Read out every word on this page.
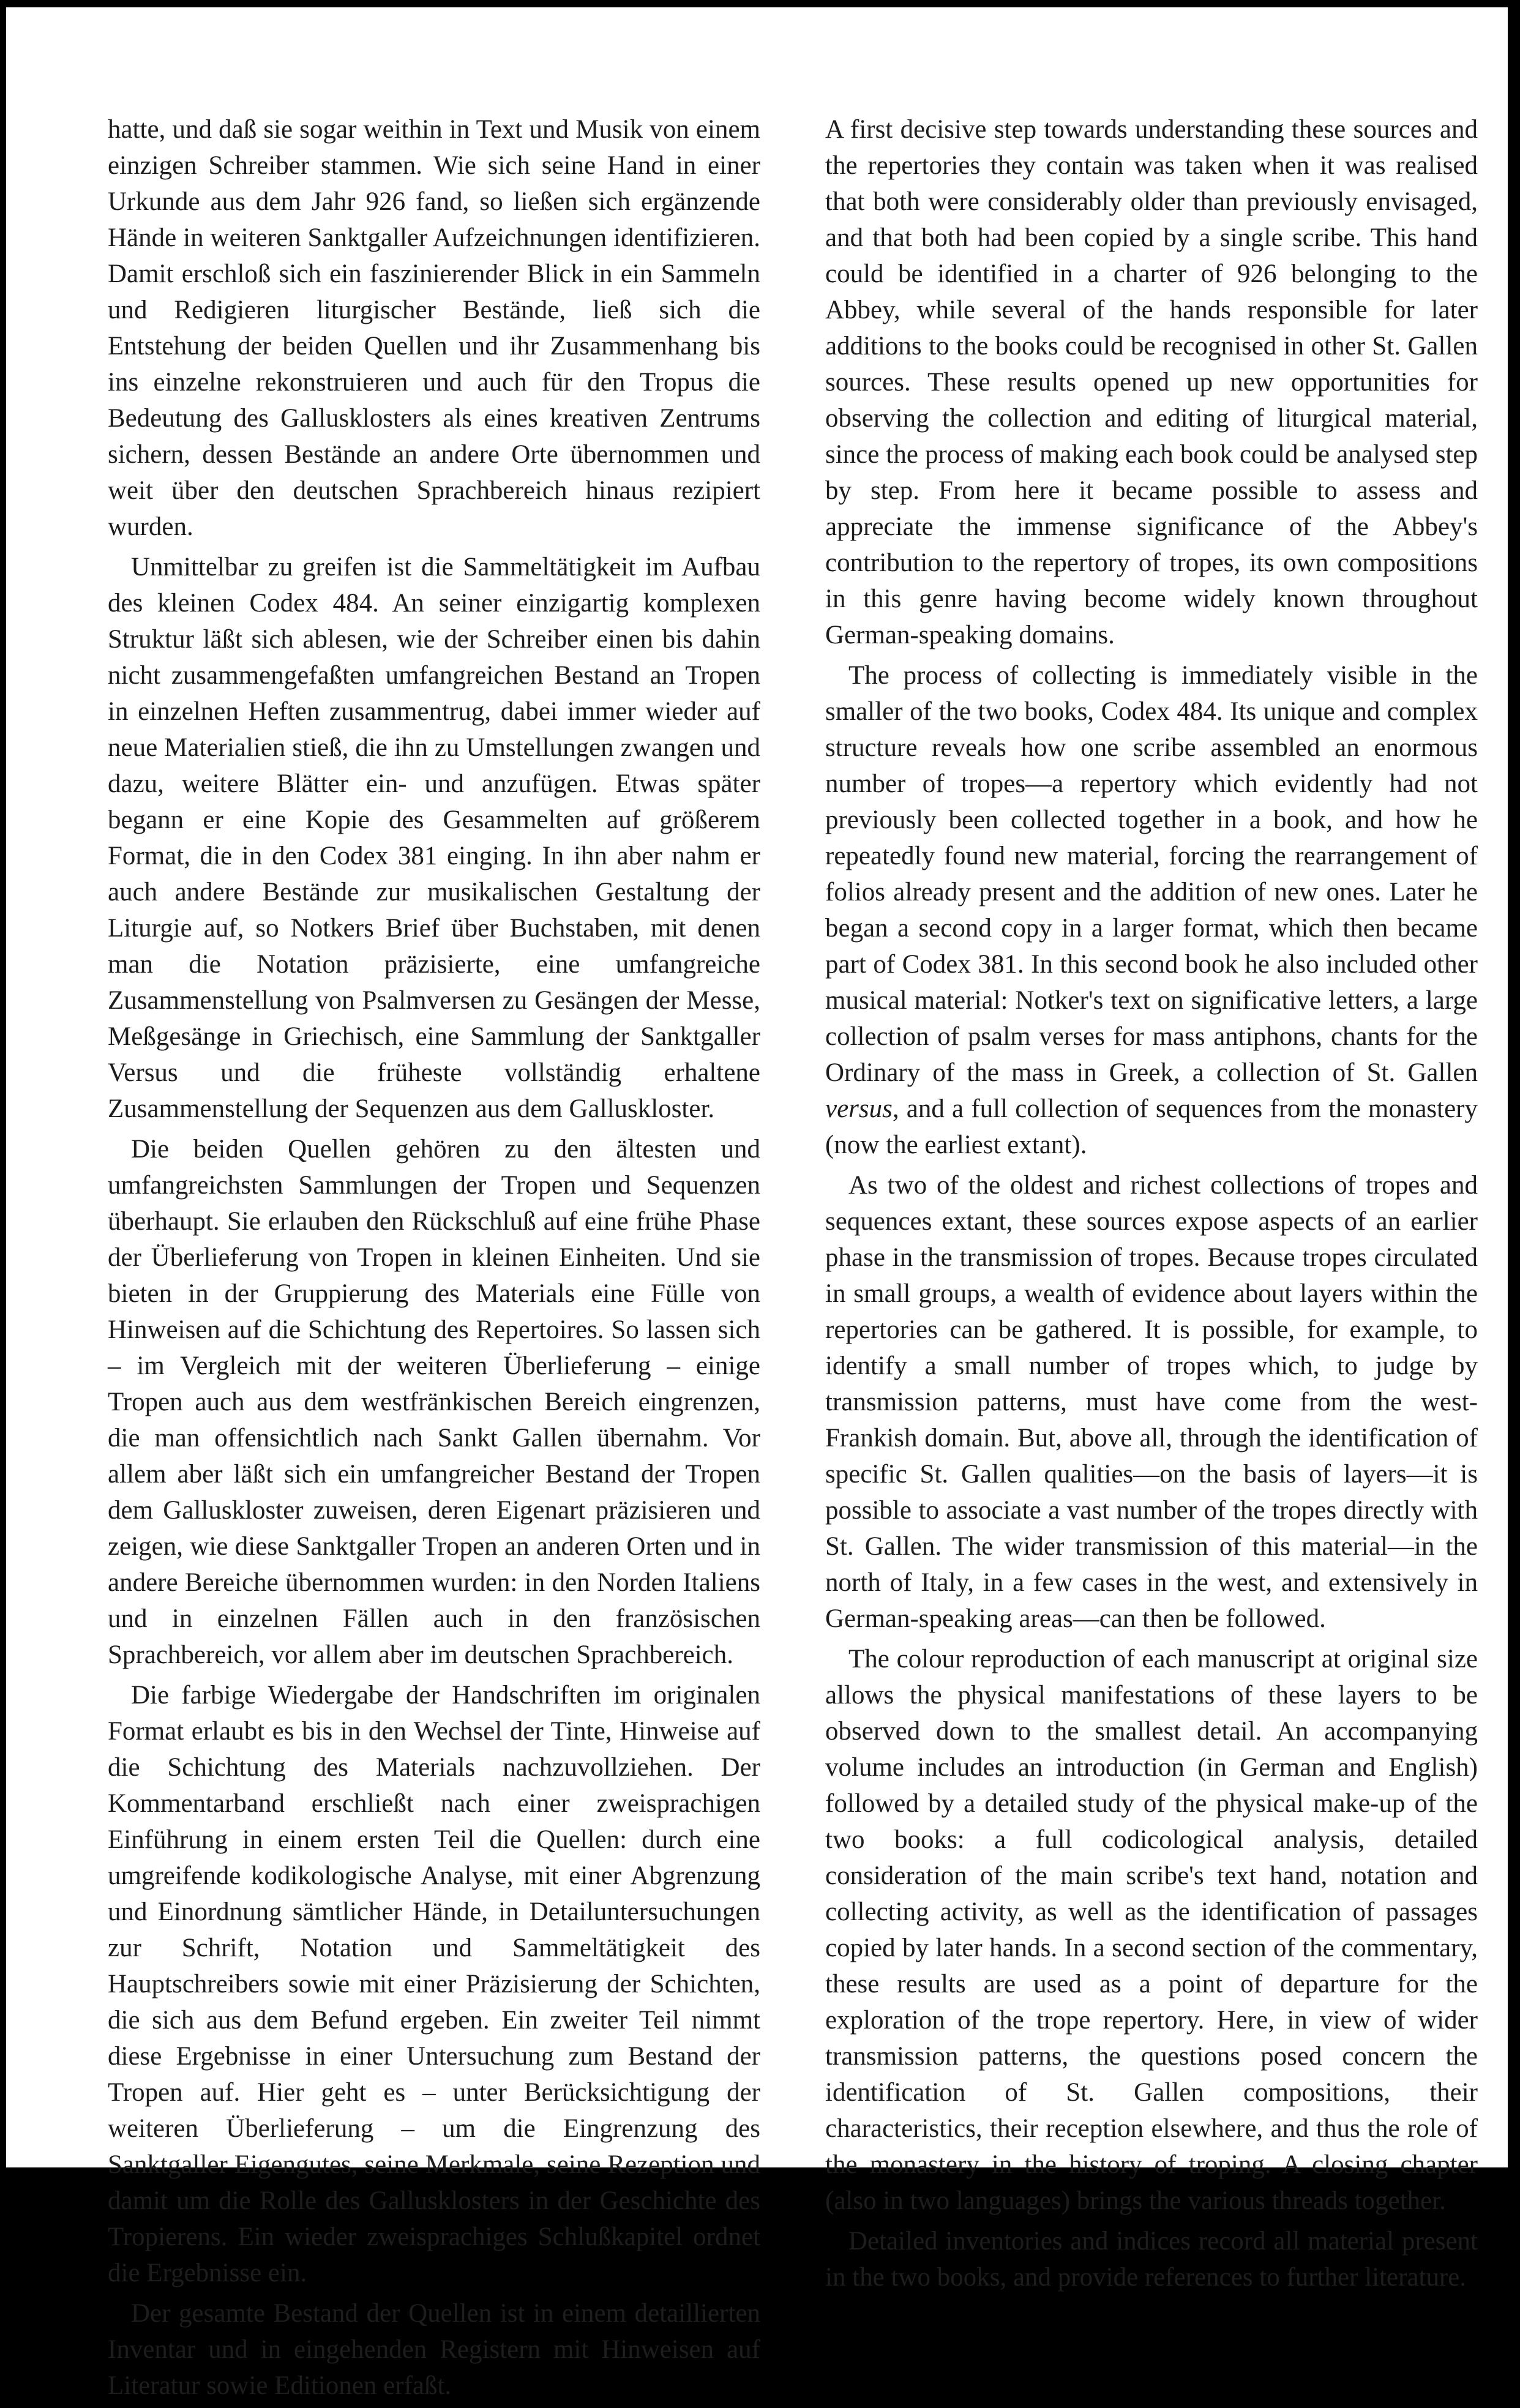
hatte, und daß sie sogar weithin in Text und Musik von einem einzigen Schreiber stammen. Wie sich seine Hand in einer Urkunde aus dem Jahr 926 fand, so ließen sich ergänzende Hände in weiteren Sanktgaller Aufzeichnungen identifizieren. Damit erschloß sich ein faszinierender Blick in ein Sammeln und Redigieren liturgischer Bestände, ließ sich die Entstehung der beiden Quellen und ihr Zusammenhang bis ins einzelne rekonstruieren und auch für den Tropus die Bedeutung des Gallusklosters als eines kreativen Zentrums sichern, dessen Bestände an andere Orte übernommen und weit über den deutschen Sprachbereich hinaus rezipiert wurden.

Unmittelbar zu greifen ist die Sammeltätigkeit im Aufbau des kleinen Codex 484. An seiner einzigartig komplexen Struktur läßt sich ablesen, wie der Schreiber einen bis dahin nicht zusammengefaßten umfangreichen Bestand an Tropen in einzelnen Heften zusammentrug, dabei immer wieder auf neue Materialien stieß, die ihn zu Umstellungen zwangen und dazu, weitere Blätter ein- und anzufügen. Etwas später begann er eine Kopie des Gesammelten auf größerem Format, die in den Codex 381 einging. In ihn aber nahm er auch andere Bestände zur musikalischen Gestaltung der Liturgie auf, so Notkers Brief über Buchstaben, mit denen man die Notation präzisierte, eine umfangreiche Zusammenstellung von Psalmversen zu Gesängen der Messe, Meßgesänge in Griechisch, eine Sammlung der Sanktgaller Versus und die früheste vollständig erhaltene Zusammenstellung der Sequenzen aus dem Galluskloster.

Die beiden Quellen gehören zu den ältesten und umfangreichsten Sammlungen der Tropen und Sequenzen überhaupt. Sie erlauben den Rückschluß auf eine frühe Phase der Überlieferung von Tropen in kleinen Einheiten. Und sie bieten in der Gruppierung des Materials eine Fülle von Hinweisen auf die Schichtung des Repertoires. So lassen sich – im Vergleich mit der weiteren Überlieferung – einige Tropen auch aus dem westfränkischen Bereich eingrenzen, die man offensichtlich nach Sankt Gallen übernahm. Vor allem aber läßt sich ein umfangreicher Bestand der Tropen dem Galluskloster zuweisen, deren Eigenart präzisieren und zeigen, wie diese Sanktgaller Tropen an anderen Orten und in andere Bereiche übernommen wurden: in den Norden Italiens und in einzelnen Fällen auch in den französischen Sprachbereich, vor allem aber im deutschen Sprachbereich.

Die farbige Wiedergabe der Handschriften im originalen Format erlaubt es bis in den Wechsel der Tinte, Hinweise auf die Schichtung des Materials nachzuvollziehen. Der Kommentarband erschließt nach einer zweisprachigen Einführung in einem ersten Teil die Quellen: durch eine umgreifende kodikologische Analyse, mit einer Abgrenzung und Einordnung sämtlicher Hände, in Detailuntersuchungen zur Schrift, Notation und Sammeltätigkeit des Hauptschreibers sowie mit einer Präzisierung der Schichten, die sich aus dem Befund ergeben. Ein zweiter Teil nimmt diese Ergebnisse in einer Untersuchung zum Bestand der Tropen auf. Hier geht es – unter Berücksichtigung der weiteren Überlieferung – um die Eingrenzung des Sanktgaller Eigengutes, seine Merkmale, seine Rezeption und damit um die Rolle des Gallusklosters in der Geschichte des Tropierens. Ein wieder zweisprachiges Schlußkapitel ordnet die Ergebnisse ein.

Der gesamte Bestand der Quellen ist in einem detaillierten Inventar und in eingehenden Registern mit Hinweisen auf Literatur sowie Editionen erfaßt.

A first decisive step towards understanding these sources and the repertories they contain was taken when it was realised that both were considerably older than previously envisaged, and that both had been copied by a single scribe. This hand could be identified in a charter of 926 belonging to the Abbey, while several of the hands responsible for later additions to the books could be recognised in other St. Gallen sources. These results opened up new opportunities for observing the collection and editing of liturgical material, since the process of making each book could be analysed step by step. From here it became possible to assess and appreciate the immense significance of the Abbey's contribution to the repertory of tropes, its own compositions in this genre having become widely known throughout German-speaking domains.

The process of collecting is immediately visible in the smaller of the two books, Codex 484. Its unique and complex structure reveals how one scribe assembled an enormous number of tropes—a repertory which evidently had not previously been collected together in a book, and how he repeatedly found new material, forcing the rearrangement of folios already present and the addition of new ones. Later he began a second copy in a larger format, which then became part of Codex 381. In this second book he also included other musical material: Notker's text on significative letters, a large collection of psalm verses for mass antiphons, chants for the Ordinary of the mass in Greek, a collection of St. Gallen versus, and a full collection of sequences from the monastery (now the earliest extant).

As two of the oldest and richest collections of tropes and sequences extant, these sources expose aspects of an earlier phase in the transmission of tropes. Because tropes circulated in small groups, a wealth of evidence about layers within the repertories can be gathered. It is possible, for example, to identify a small number of tropes which, to judge by transmission patterns, must have come from the west-Frankish domain. But, above all, through the identification of specific St. Gallen qualities—on the basis of layers—it is possible to associate a vast number of the tropes directly with St. Gallen. The wider transmission of this material—in the north of Italy, in a few cases in the west, and extensively in German-speaking areas—can then be followed.

The colour reproduction of each manuscript at original size allows the physical manifestations of these layers to be observed down to the smallest detail. An accompanying volume includes an introduction (in German and English) followed by a detailed study of the physical make-up of the two books: a full codicological analysis, detailed consideration of the main scribe's text hand, notation and collecting activity, as well as the identification of passages copied by later hands. In a second section of the commentary, these results are used as a point of departure for the exploration of the trope repertory. Here, in view of wider transmission patterns, the questions posed concern the identification of St. Gallen compositions, their characteristics, their reception elsewhere, and thus the role of the monastery in the history of troping. A closing chapter (also in two languages) brings the various threads together.

Detailed inventories and indices record all material present in the two books, and provide references to further literature.
